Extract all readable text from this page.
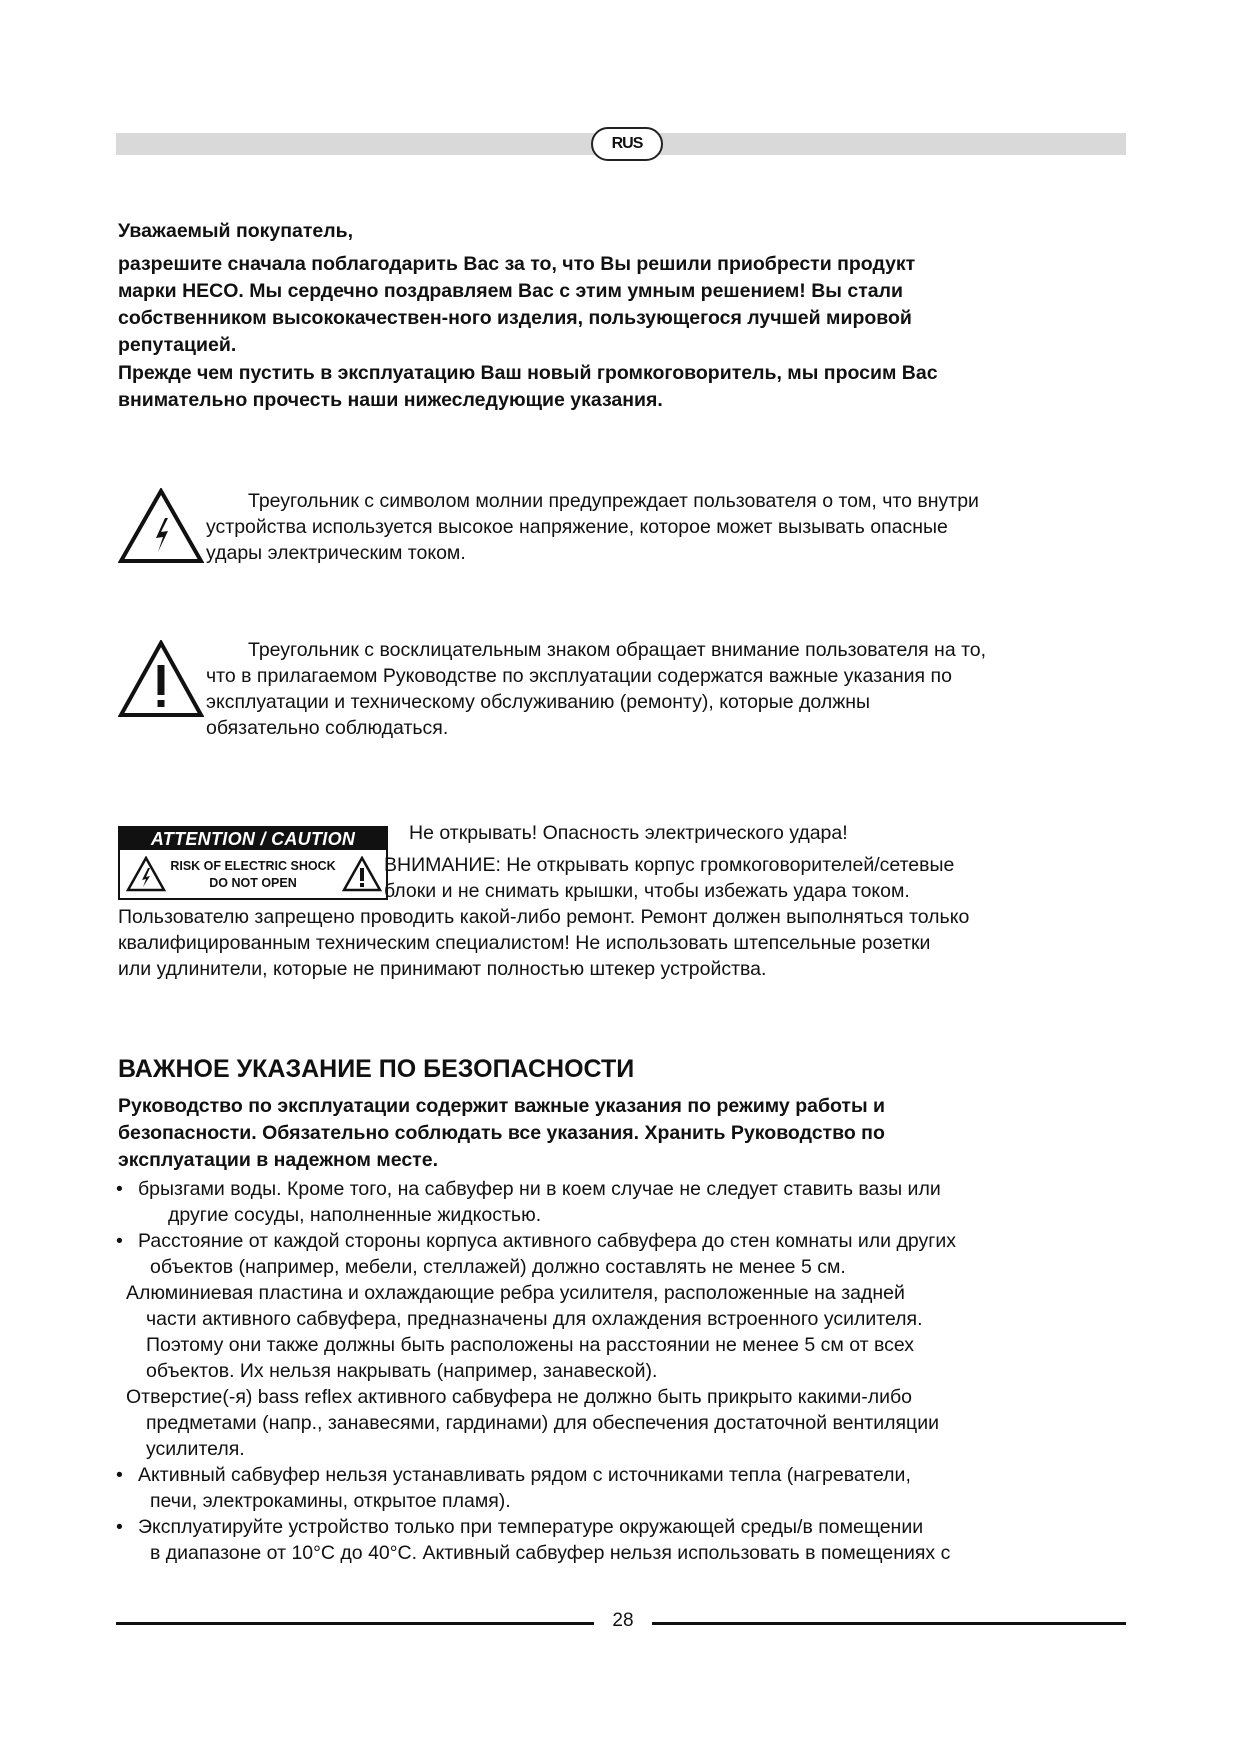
RUS
Уважаемый покупатель,
разрешите сначала поблагодарить Вас за то, что Вы решили приобрести продукт
марки HECO. Мы сердечно поздравляем Вас с этим умным решением! Вы стали
собственником высококачествен-ного изделия, пользующегося лучшей мировой
репутацией.
Прежде чем пустить в эксплуатацию Ваш новый громкоговоритель, мы просим Вас
внимательно прочесть наши нижеследующие указания.
Треугольник с символом молнии предупреждает пользователя о том, что внутри
устройства используется высокое напряжение, которое может вызывать опасные
удары электрическим током.
Треугольник с восклицательным знаком обращает внимание пользователя на то,
что в прилагаемом Руководстве по эксплуатации содержатся важные указания по
эксплуатации и техническому обслуживанию (ремонту), которые должны
обязательно соблюдаться.
ATTENTION / CAUTION
RISK OF ELECTRIC SHOCK
DO NOT OPEN
Не открывать! Опасность электрического удара!
ВНИМАНИЕ: Не открывать корпус громкоговорителей/сетевые
блоки и не снимать крышки, чтобы избежать удара током.
Пользователю запрещено проводить какой-либо ремонт. Ремонт должен выполняться только
квалифицированным техническим специалистом! Не использовать штепсельные розетки
или удлинители, которые не принимают полностью штекер устройства.
ВАЖНОЕ УКАЗАНИЕ ПО БЕЗОПАСНОСТИ
Руководство по эксплуатации содержит важные указания по режиму работы и
безопасности. Обязательно соблюдать все указания. Хранить Руководство по
эксплуатации в надежном месте.
• брызгами воды. Кроме того, на сабвуфер ни в коем случае не следует ставить вазы или
другие сосуды, наполненные жидкостью.
• Расстояние от каждой стороны корпуса активного сабвуфера до стен комнаты или других
объектов (например, мебели, стеллажей) должно составлять не менее 5 см.
Алюминиевая пластина и охлаждающие ребра усилителя, расположенные на задней
части активного сабвуфера, предназначены для охлаждения встроенного усилителя.
Поэтому они также должны быть расположены на расстоянии не менее 5 см от всех
объектов. Их нельзя накрывать (например, занавеской).
Отверстие(-я) bass reflex активного сабвуфера не должно быть прикрыто какими-либо
предметами (напр., занавесями, гардинами) для обеспечения достаточной вентиляции
усилителя.
• Активный сабвуфер нельзя устанавливать рядом с источниками тепла (нагреватели,
печи, электрокамины, открытое пламя).
• Эксплуатируйте устройство только при температуре окружающей среды/в помещении
в диапазоне от 10°C до 40°C. Активный сабвуфер нельзя использовать в помещениях с
28
